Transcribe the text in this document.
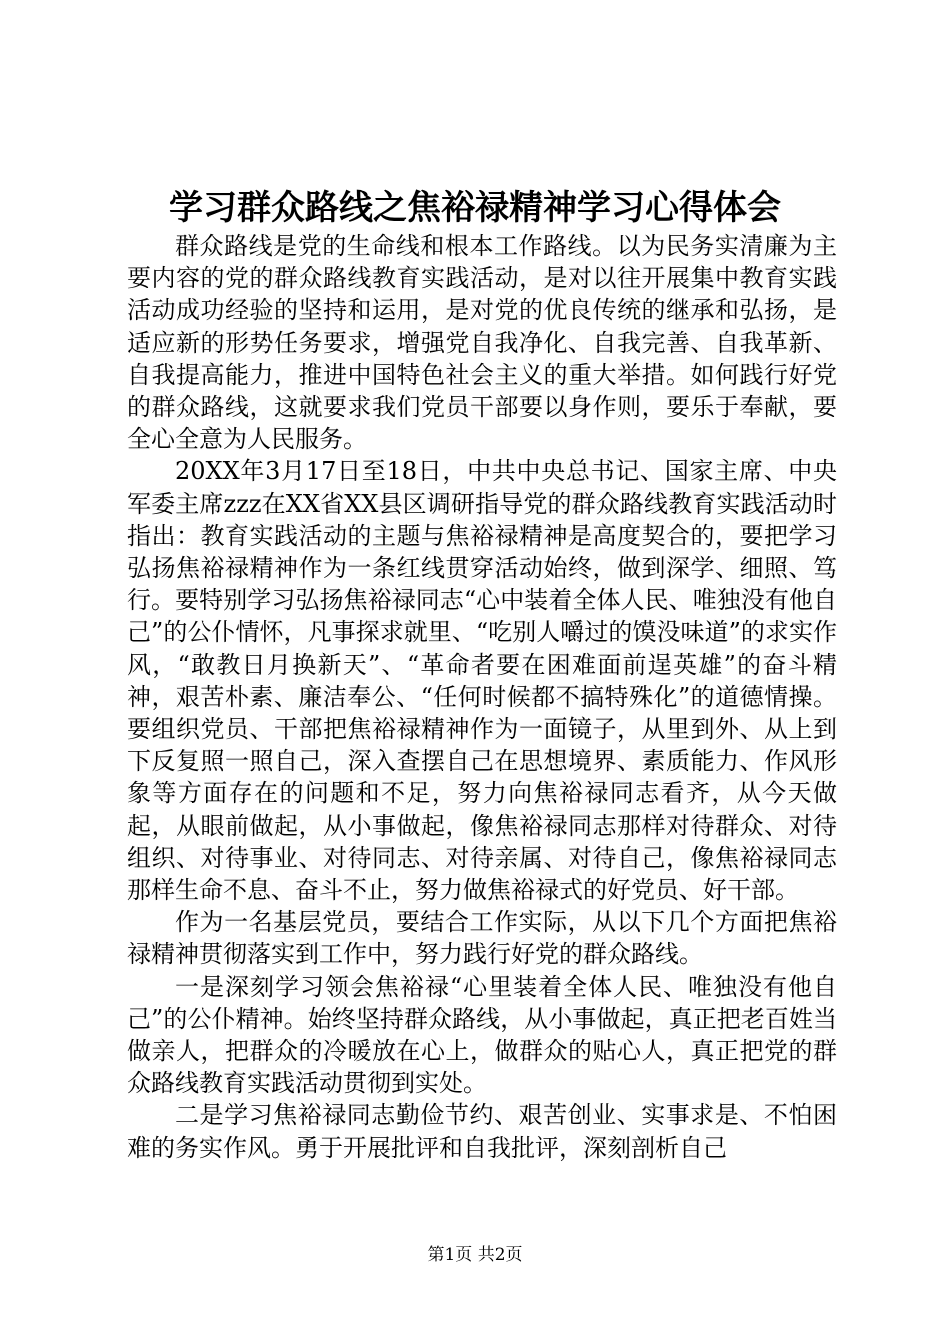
学习群众路线之焦裕禄精神学习心得体会

群众路线是党的生命线和根本工作路线。以为民务实清廉为主要内容的党的群众路线教育实践活动，是对以往开展集中教育实践活动成功经验的坚持和运用，是对党的优良传统的继承和弘扬，是适应新的形势任务要求，增强党自我净化、自我完善、自我革新、自我提高能力，推进中国特色社会主义的重大举措。如何践行好党的群众路线，这就要求我们党员干部要以身作则，要乐于奉献，要全心全意为人民服务。

20XX年3月17日至18日，中共中央总书记、国家主席、中央军委主席zzz在XX省XX县区调研指导党的群众路线教育实践活动时指出：教育实践活动的主题与焦裕禄精神是高度契合的，要把学习弘扬焦裕禄精神作为一条红线贯穿活动始终，做到深学、细照、笃行。要特别学习弘扬焦裕禄同志“心中装着全体人民、唯独没有他自己”的公仆情怀，凡事探求就里、“吃别人嚼过的馍没味道”的求实作风，“敢教日月换新天”、“革命者要在困难面前逞英雄”的奋斗精神，艰苦朴素、廉洁奉公、“任何时候都不搞特殊化”的道德情操。要组织党员、干部把焦裕禄精神作为一面镜子，从里到外、从上到下反复照一照自己，深入查摆自己在思想境界、素质能力、作风形象等方面存在的问题和不足，努力向焦裕禄同志看齐，从今天做起，从眼前做起，从小事做起，像焦裕禄同志那样对待群众、对待组织、对待事业、对待同志、对待亲属、对待自己，像焦裕禄同志那样生命不息、奋斗不止，努力做焦裕禄式的好党员、好干部。

作为一名基层党员，要结合工作实际，从以下几个方面把焦裕禄精神贯彻落实到工作中，努力践行好党的群众路线。

一是深刻学习领会焦裕禄“心里装着全体人民、唯独没有他自己”的公仆精神。始终坚持群众路线，从小事做起，真正把老百姓当做亲人，把群众的冷暖放在心上，做群众的贴心人，真正把党的群众路线教育实践活动贯彻到实处。

二是学习焦裕禄同志勤俭节约、艰苦创业、实事求是、不怕困难的务实作风。勇于开展批评和自我批评，深刻剖析自己

第1页 共2页
